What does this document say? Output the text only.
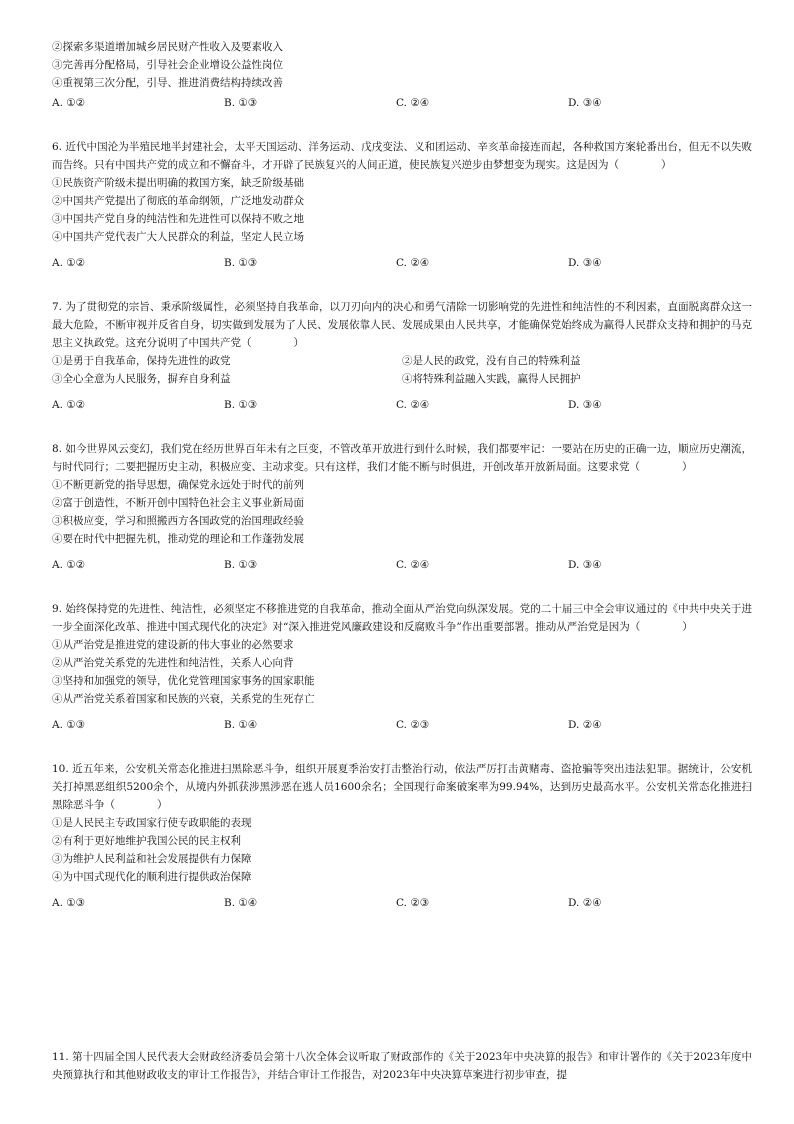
②探索多渠道增加城乡居民财产性收入及要素收入
③完善再分配格局，引导社会企业增设公益性岗位
④重视第三次分配，引导、推进消费结构持续改善
A. ①②	B. ①③	C. ②④	D. ③④
6. 近代中国沦为半殖民地半封建社会，太平天国运动、洋务运动、戊戌变法、义和团运动、辛亥革命接连而起，各种救国方案轮番出台，但无不以失败而告终。只有中国共产党的成立和不懈奋斗，才开辟了民族复兴的人间正道，使民族复兴逆步由梦想变为现实。这是因为（　　　　）
①民族资产阶级未提出明确的救国方案，缺乏阶级基础
②中国共产党提出了彻底的革命纲领，广泛地发动群众
③中国共产党自身的纯洁性和先进性可以保持不败之地
④中国共产党代表广大人民群众的利益，坚定人民立场
A. ①②	B. ①③	C. ②④	D. ③④
7. 为了贯彻党的宗旨、秉承阶级属性，必须坚持自我革命，以刀刃向内的决心和勇气清除一切影响党的先进性和纯洁性的不利因素，直面脱离群众这一最大危险，不断审视并反省自身，切实做到发展为了人民、发展依靠人民、发展成果由人民共享，才能确保党始终成为赢得人民群众支持和拥护的马克思主义执政党。这充分说明了中国共产党（　　　　）
①是勇于自我革命，保持先进性的政党	②是人民的政党，没有自己的特殊利益
③全心全意为人民服务，摒弃自身利益	④将特殊利益融入实践，赢得人民拥护
A. ①②	B. ①③	C. ②④	D. ③④
8. 如今世界风云变幻，我们党在经历世界百年未有之巨变，不管改革开放进行到什么时候，我们都要牢记：一要站在历史的正确一边，顺应历史潮流，与时代同行；二要把握历史主动，积极应变、主动求变。只有这样，我们才能不断与时俱进，开创改革开放新局面。这要求党（　　　　）
①不断更新党的指导思想，确保党永远处于时代的前列
②富于创造性，不断开创中国特色社会主义事业新局面
③积极应变，学习和照搬西方各国政党的治国理政经验
④要在时代中把握先机，推动党的理论和工作蓬勃发展
A. ①②	B. ①③	C. ②④	D. ③④
9. 始终保持党的先进性、纯洁性，必须坚定不移推进党的自我革命，推动全面从严治党向纵深发展。党的二十届三中全会审议通过的《中共中央关于进一步全面深化改革、推进中国式现代化的决定》对“深入推进党风廉政建设和反腐败斗争”作出重要部署。推动从严治党是因为（　　　　）
①从严治党是推进党的建设新的伟大事业的必然要求
②从严治党关系党的先进性和纯洁性，关系人心向背
③坚持和加强党的领导，优化党管理国家事务的国家职能
④从严治党关系着国家和民族的兴衰，关系党的生死存亡
A. ①③	B. ①④	C. ②③	D. ②④
10. 近五年来，公安机关常态化推进扫黑除恶斗争，组织开展夏季治安打击整治行动，依法严厉打击黄赌毒、盗抢骗等突出违法犯罪。据统计，公安机关打掉黑恶组织5200余个，从境内外抓获涉黑涉恶在逃人员1600余名；全国现行命案破案率为99.94%，达到历史最高水平。公安机关常态化推进扫黑除恶斗争（　　　　）
①是人民民主专政国家行使专政职能的表现
②有利于更好地维护我国公民的民主权利
③为维护人民利益和社会发展提供有力保障
④为中国式现代化的顺利进行提供政治保障
A. ①③	B. ①④	C. ②③	D. ②④
11. 第十四届全国人民代表大会财政经济委员会第十八次全体会议听取了财政部作的《关于2023年中央决算的报告》和审计署作的《关于2023年度中央预算执行和其他财政收支的审计工作报告》，并结合审计工作报告，对2023年中央决算草案进行初步审查，提
